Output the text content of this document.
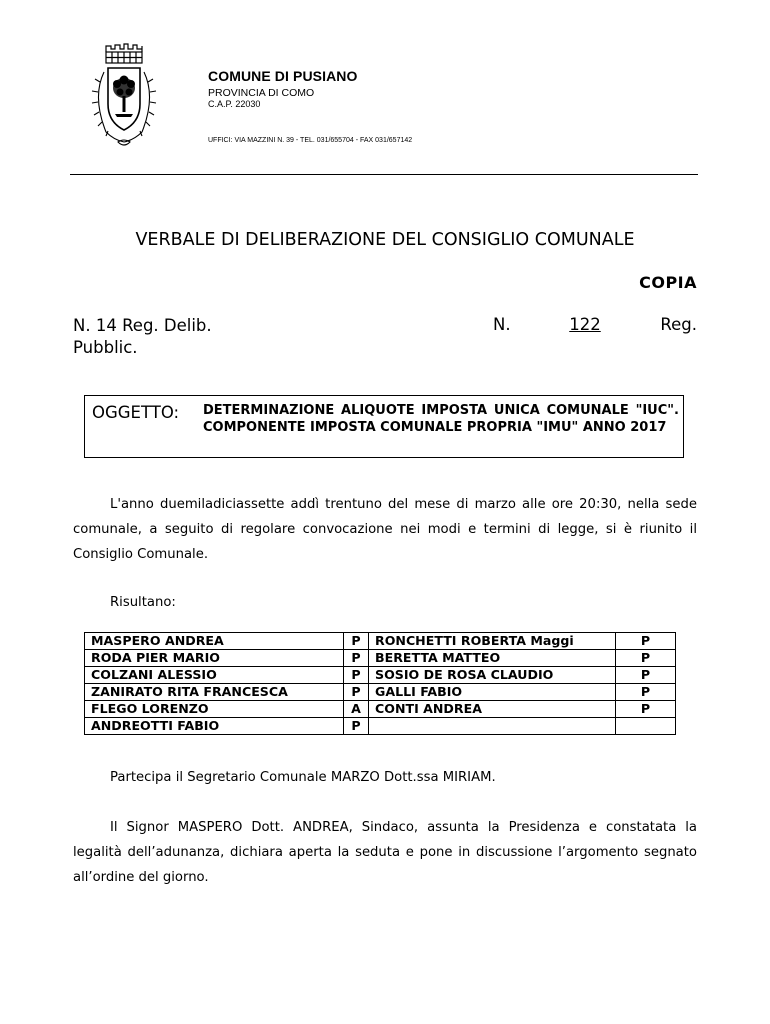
COMUNE DI PUSIANO
PROVINCIA DI COMO
C.A.P. 22030
UFFICI: VIA MAZZINI N. 39 - TEL. 031/655704 - FAX 031/657142
VERBALE DI DELIBERAZIONE DEL CONSIGLIO COMUNALE
COPIA
N. 14 Reg. Delib.
Pubblic.
N.	122	Reg.
OGGETTO: DETERMINAZIONE ALIQUOTE IMPOSTA UNICA COMUNALE "IUC". COMPONENTE IMPOSTA COMUNALE PROPRIA "IMU" ANNO 2017
L'anno duemiladiciassette addì trentuno del mese di marzo alle ore 20:30, nella sede comunale, a seguito di regolare convocazione nei modi e termini di legge, si è riunito il Consiglio Comunale.
Risultano:
MASPERO ANDREA	P	RONCHETTI ROBERTA Maggi	P
RODA PIER MARIO	P	BERETTA MATTEO	P
COLZANI ALESSIO	P	SOSIO DE ROSA CLAUDIO	P
ZANIRATO RITA FRANCESCA	P	GALLI FABIO	P
FLEGO LORENZO	A	CONTI ANDREA	P
ANDREOTTI FABIO	P		
Partecipa il Segretario Comunale MARZO Dott.ssa MIRIAM.
Il Signor MASPERO Dott. ANDREA, Sindaco, assunta la Presidenza e constatata la legalità dell’adunanza, dichiara aperta la seduta e pone in discussione l’argomento segnato all’ordine del giorno.
